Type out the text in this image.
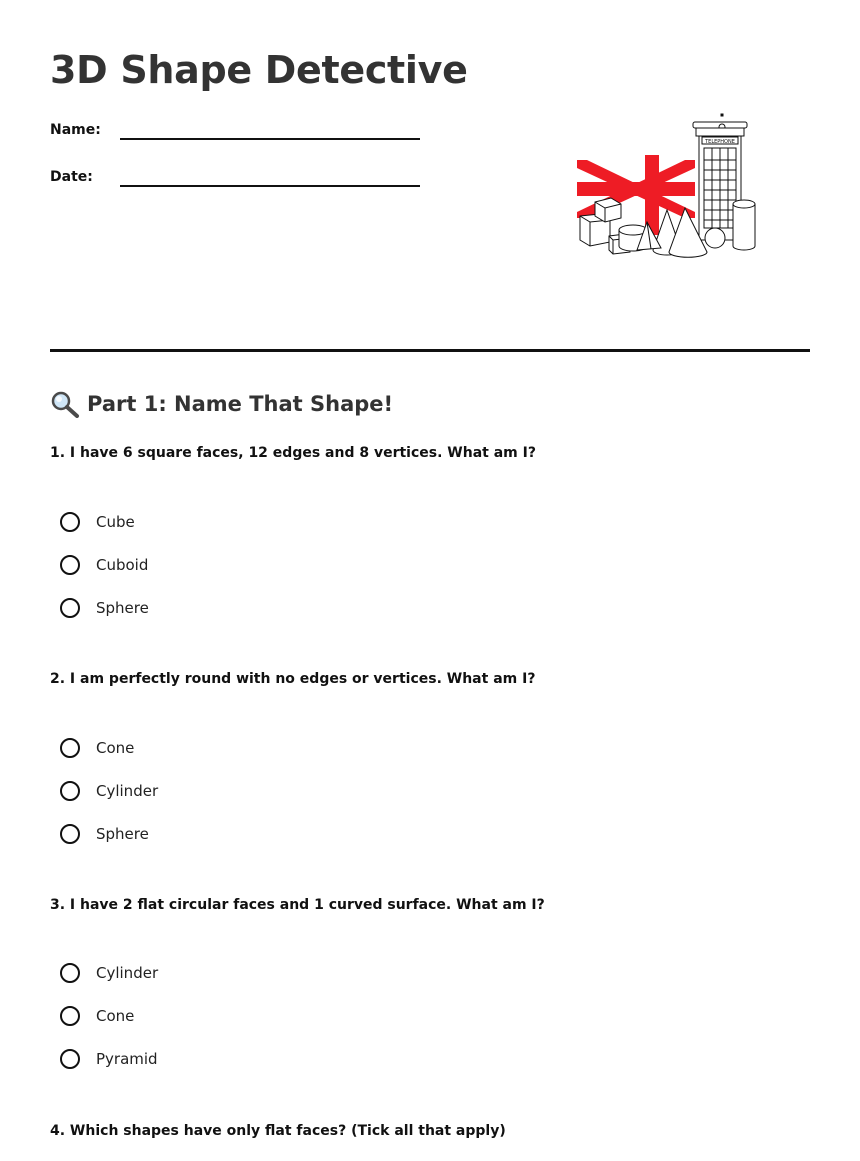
3D Shape Detective
Name:
Date:
TELEPHONE
Part 1: Name That Shape!

1. I have 6 square faces, 12 edges and 8 vertices. What am I?

Cube
Cuboid
Sphere

2. I am perfectly round with no edges or vertices. What am I?

Cone
Cylinder
Sphere

3. I have 2 flat circular faces and 1 curved surface. What am I?

Cylinder
Cone
Pyramid

4. Which shapes have only flat faces? (Tick all that apply)
